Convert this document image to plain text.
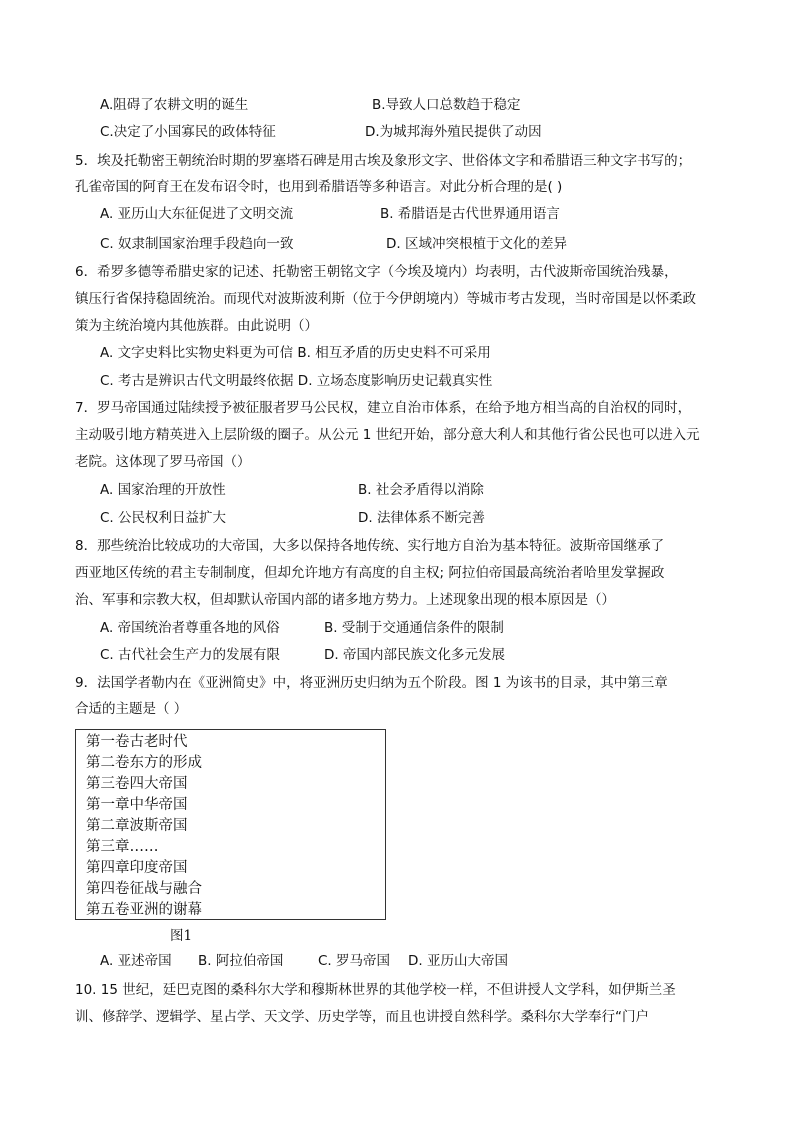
A.阻碍了农耕文明的诞生	B.导致人口总数趋于稳定
C.决定了小国寡民的政体特征	D.为城邦海外殖民提供了动因
5．埃及托勒密王朝统治时期的罗塞塔石碑是用古埃及象形文字、世俗体文字和希腊语三种文字书写的；
孔雀帝国的阿育王在发布诏令时，也用到希腊语等多种语言。对此分析合理的是( )
A. 亚历山大东征促进了文明交流	B. 希腊语是古代世界通用语言
C. 奴隶制国家治理手段趋向一致	D. 区域冲突根植于文化的差异
6．希罗多德等希腊史家的记述、托勒密王朝铭文字（今埃及境内）均表明，古代波斯帝国统治残暴，
镇压行省保持稳固统治。而现代对波斯波利斯（位于今伊朗境内）等城市考古发现，当时帝国是以怀柔政
策为主统治境内其他族群。由此说明（）
A. 文字史料比实物史料更为可信 B. 相互矛盾的历史史料不可采用
C. 考古是辨识古代文明最终依据 D. 立场态度影响历史记载真实性
7．罗马帝国通过陆续授予被征服者罗马公民权，建立自治市体系，在给予地方相当高的自治权的同时，
主动吸引地方精英进入上层阶级的圈子。从公元 1 世纪开始，部分意大利人和其他行省公民也可以进入元
老院。这体现了罗马帝国（）
A. 国家治理的开放性	B. 社会矛盾得以消除
C. 公民权利日益扩大	D. 法律体系不断完善
8．那些统治比较成功的大帝国，大多以保持各地传统、实行地方自治为基本特征。波斯帝国继承了
西亚地区传统的君主专制制度，但却允许地方有高度的自主权; 阿拉伯帝国最高统治者哈里发掌握政
治、军事和宗教大权，但却默认帝国内部的诸多地方势力。上述现象出现的根本原因是（）
A. 帝国统治者尊重各地的风俗	B. 受制于交通通信条件的限制
C. 古代社会生产力的发展有限	D. 帝国内部民族文化多元发展
9．法国学者勒内在《亚洲简史》中，将亚洲历史归纳为五个阶段。图 1 为该书的目录，其中第三章
合适的主题是（ ）
第一卷古老时代
第二卷东方的形成
第三卷四大帝国
第一章中华帝国
第二章波斯帝国
第三章……
第四章印度帝国
第四卷征战与融合
第五卷亚洲的谢幕
图1
A. 亚述帝国 B. 阿拉伯帝国	C. 罗马帝国 D. 亚历山大帝国
10. 15 世纪，廷巴克图的桑科尔大学和穆斯林世界的其他学校一样，不但讲授人文学科，如伊斯兰圣
训、修辞学、逻辑学、星占学、天文学、历史学等，而且也讲授自然科学。桑科尔大学奉行“门户
